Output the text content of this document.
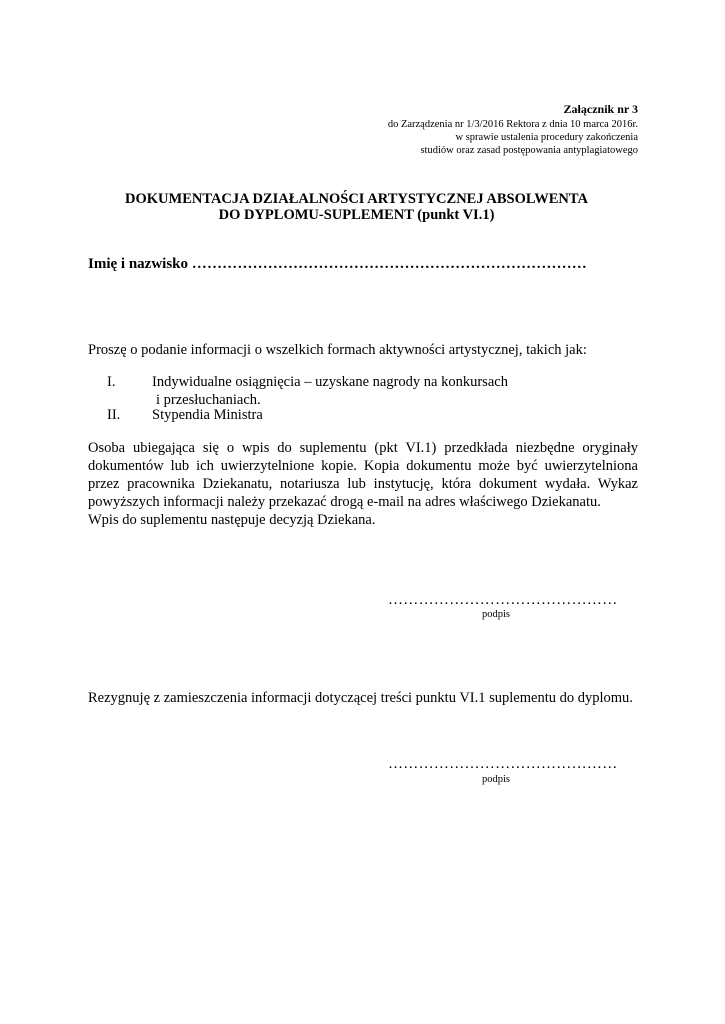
Załącznik nr 3
do Zarządzenia nr 1/3/2016 Rektora z dnia 10 marca 2016r.
w sprawie ustalenia procedury zakończenia
studiów oraz zasad postępowania antyplagiatowego
DOKUMENTACJA DZIAŁALNOŚCI ARTYSTYCZNEJ ABSOLWENTA
DO DYPLOMU-SUPLEMENT (punkt VI.1)
Imię i nazwisko ……………………………………………………………………
Proszę o podanie informacji o wszelkich formach aktywności artystycznej, takich jak:
I.	Indywidualne osiągnięcia – uzyskane nagrody na konkursach
i przesłuchaniach.
II. Stypendia Ministra
Osoba ubiegająca się o wpis do suplementu (pkt VI.1) przedkłada niezbędne oryginały
dokumentów lub ich uwierzytelnione kopie. Kopia dokumentu może być uwierzytelniona
przez pracownika Dziekanatu, notariusza lub instytucję, która dokument wydała. Wykaz
powyższych informacji należy przekazać drogą e-mail na adres właściwego Dziekanatu.
Wpis do suplementu następuje decyzją Dziekana.
………………………………………
podpis
Rezygnuję z zamieszczenia informacji dotyczącej treści punktu VI.1 suplementu do dyplomu.
………………………………………
podpis
